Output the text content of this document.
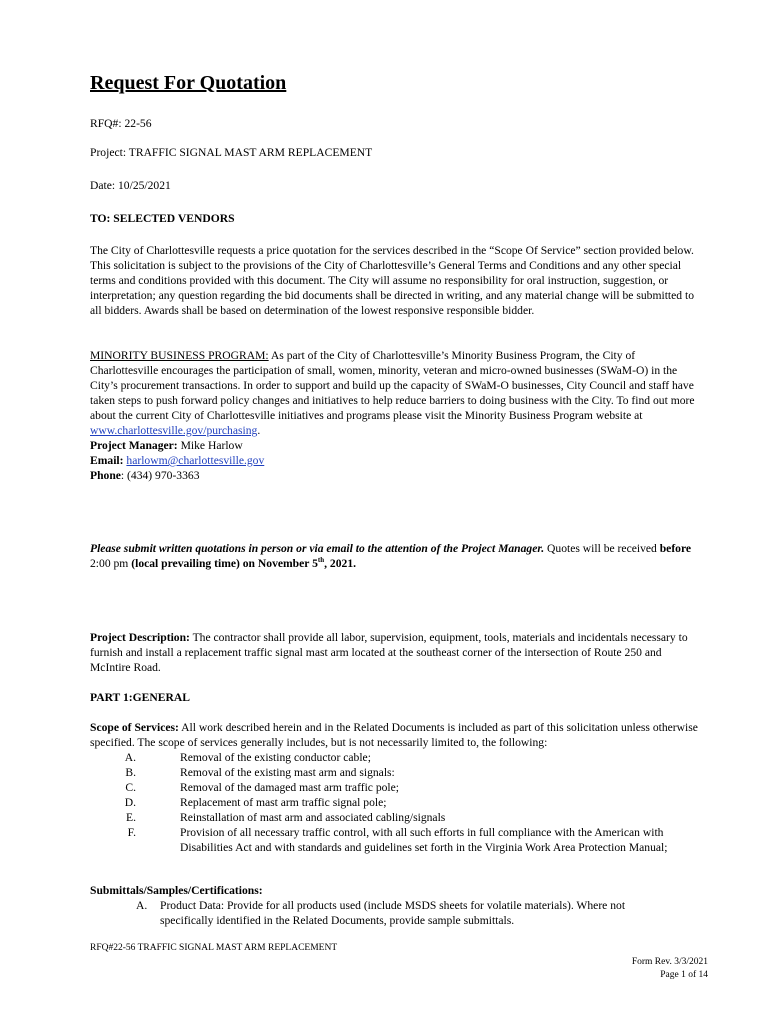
Request For Quotation
RFQ#: 22-56
Project: TRAFFIC SIGNAL MAST ARM REPLACEMENT
Date: 10/25/2021
TO: SELECTED VENDORS
The City of Charlottesville requests a price quotation for the services described in the “Scope Of Service” section provided below. This solicitation is subject to the provisions of the City of Charlottesville’s General Terms and Conditions and any other special terms and conditions provided with this document. The City will assume no responsibility for oral instruction, suggestion, or interpretation; any question regarding the bid documents shall be directed in writing, and any material change will be submitted to all bidders. Awards shall be based on determination of the lowest responsive responsible bidder.
MINORITY BUSINESS PROGRAM: As part of the City of Charlottesville’s Minority Business Program, the City of Charlottesville encourages the participation of small, women, minority, veteran and micro-owned businesses (SWaM-O) in the City’s procurement transactions. In order to support and build up the capacity of SWaM-O businesses, City Council and staff have taken steps to push forward policy changes and initiatives to help reduce barriers to doing business with the City. To find out more about the current City of Charlottesville initiatives and programs please visit the Minority Business Program website at www.charlottesville.gov/purchasing.
Project Manager: Mike Harlow
Email: harlowm@charlottesville.gov
Phone: (434) 970-3363
Please submit written quotations in person or via email to the attention of the Project Manager. Quotes will be received before 2:00 pm (local prevailing time) on November 5th, 2021.
Project Description: The contractor shall provide all labor, supervision, equipment, tools, materials and incidentals necessary to furnish and install a replacement traffic signal mast arm located at the southeast corner of the intersection of Route 250 and McIntire Road.
PART 1:GENERAL
Scope of Services: All work described herein and in the Related Documents is included as part of this solicitation unless otherwise specified. The scope of services generally includes, but is not necessarily limited to, the following:
A.	Removal of the existing conductor cable;
B.	Removal of the existing mast arm and signals:
C.	Removal of the damaged mast arm traffic pole;
D.	Replacement of mast arm traffic signal pole;
E.	Reinstallation of mast arm and associated cabling/signals
F.	Provision of all necessary traffic control, with all such efforts in full compliance with the American with Disabilities Act and with standards and guidelines set forth in the Virginia Work Area Protection Manual;
Submittals/Samples/Certifications:
A.	Product Data: Provide for all products used (include MSDS sheets for volatile materials). Where not specifically identified in the Related Documents, provide sample submittals.
RFQ#22-56 TRAFFIC SIGNAL MAST ARM REPLACEMENT
Form Rev. 3/3/2021
Page 1 of 14
